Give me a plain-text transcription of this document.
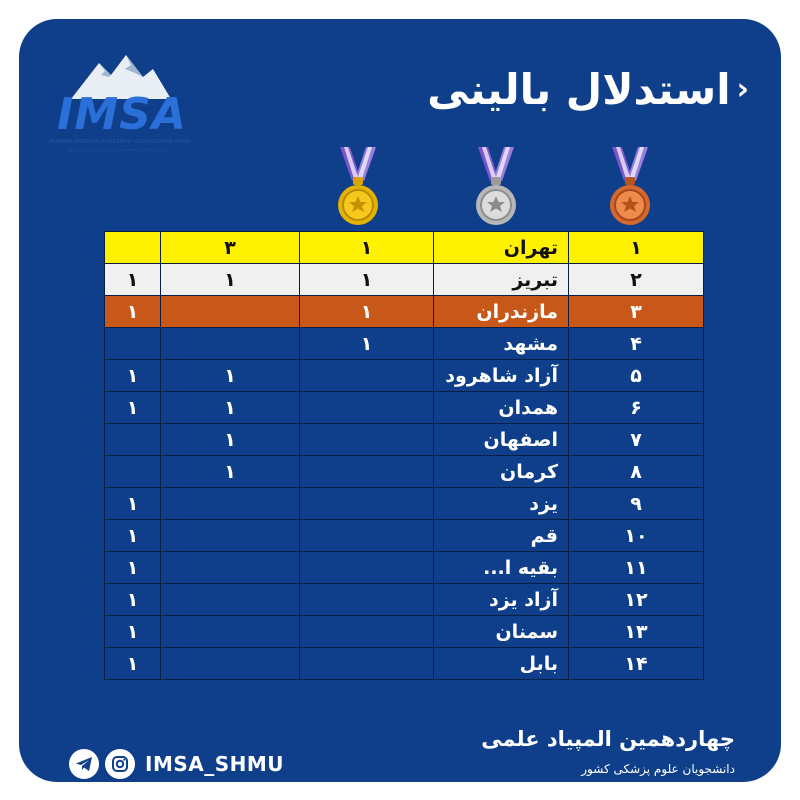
IMSA
IRANIAN MEDICAL STUDENTS' ASSOCIATION-SHMU
انجمن علمی دانشجویی پزشکی ایران - شاهرود
‹
استدلال بالینی
	۳	۱	تهران	۱
۱	۱	۱	تبریز	۲
۱		۱	مازندران	۳
		۱	مشهد	۴
۱	۱		آزاد شاهرود	۵
۱	۱		همدان	۶
	۱		اصفهان	۷
	۱		کرمان	۸
۱			یزد	۹
۱			قم	۱۰
۱			بقیه ا...	۱۱
۱			آزاد یزد	۱۲
۱			سمنان	۱۳
۱			بابل	۱۴
IMSA_SHMU
چهاردهمین المپیاد علمی
دانشجویان علوم پزشکی کشور
